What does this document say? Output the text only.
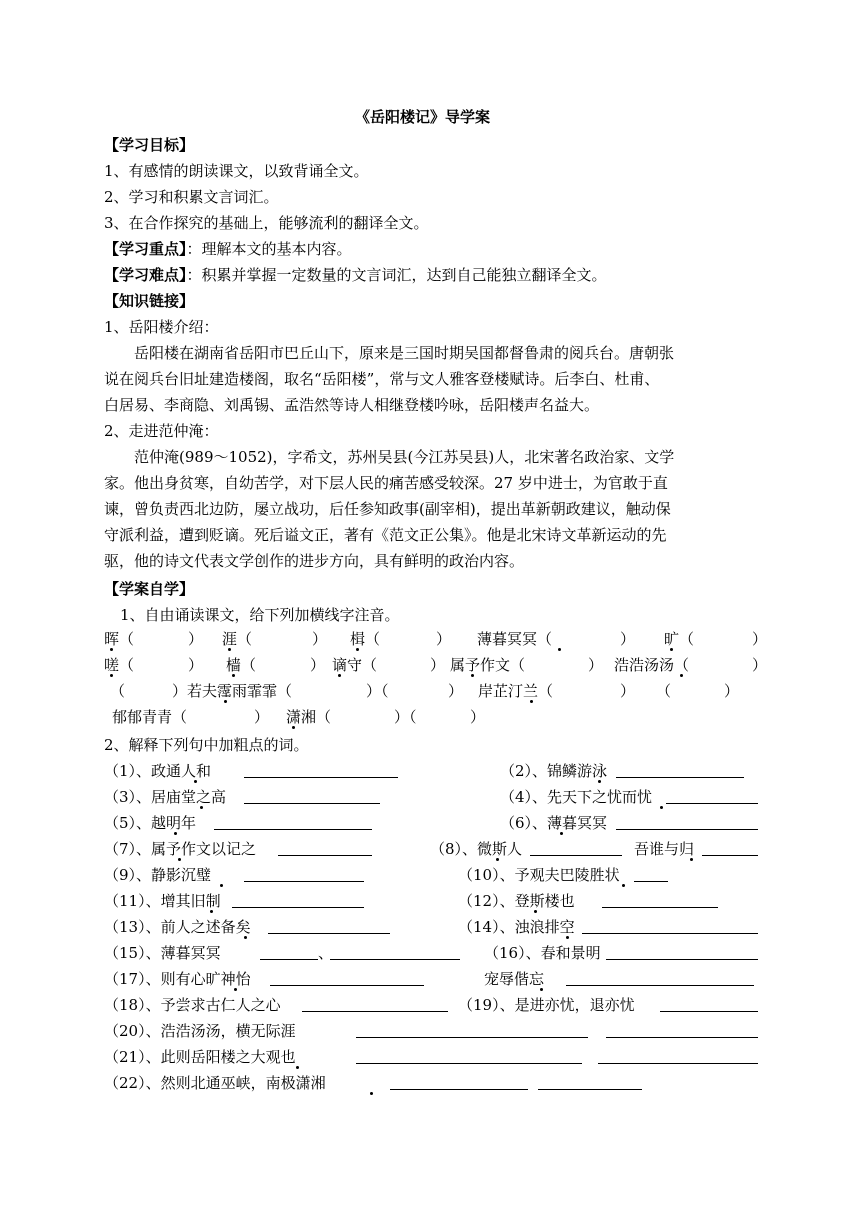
《岳阳楼记》导学案
【学习目标】
1、有感情的朗读课文，以致背诵全文。
2、学习和积累文言词汇。
3、在合作探究的基础上，能够流利的翻译全文。
【学习重点】：理解本文的基本内容。
【学习难点】：积累并掌握一定数量的文言词汇，达到自己能独立翻译全文。
【知识链接】
1、岳阳楼介绍：
岳阳楼在湖南省岳阳市巴丘山下，原来是三国时期吴国都督鲁肃的阅兵台。唐朝张
说在阅兵台旧址建造楼阁，取名“岳阳楼”，常与文人雅客登楼赋诗。后李白、杜甫、
白居易、李商隐、刘禹锡、孟浩然等诗人相继登楼吟咏，岳阳楼声名益大。
2、走进范仲淹：
范仲淹(989～1052)，字希文，苏州吴县(今江苏吴县)人，北宋著名政治家、文学
家。他出身贫寒，自幼苦学，对下层人民的痛苦感受较深。27 岁中进士，为官敢于直
谏，曾负责西北边防，屡立战功，后任参知政事(副宰相)，提出革新朝政建议，触动保
守派利益，遭到贬谪。死后谥文正，著有《范文正公集》。他是北宋诗文革新运动的先
驱，他的诗文代表文学创作的进步方向，具有鲜明的政治内容。
【学案自学】
1、自由诵读课文，给下列加横线字注音。
晖（	） 涯（	） 楫（	） 薄暮冥冥（	） 旷（	）
嗟（	） 樯（	） 谪守（	） 属予作文（	） 浩浩汤汤（	）
（	）若夫霪雨霏霏（	）（	） 岸芷汀兰（	） （	）
郁郁青青（	） 潇湘（	）（	）
2、解释下列句中加粗点的词。
（1）、政通人和	（2）、锦鳞游泳
（3）、居庙堂之高	（4）、先天下之忧而忧
（5）、越明年	（6）、薄暮冥冥
（7）、属予作文以记之	（8）、微斯人	吾谁与归
（9）、静影沉璧	（10）、予观夫巴陵胜状
（11）、增其旧制	（12）、登斯楼也
（13）、前人之述备矣	（14）、浊浪排空
（15）、薄暮冥冥	、	（16）、春和景明
（17）、则有心旷神怡	宠辱偕忘
（18）、予尝求古仁人之心	（19）、是进亦忧，退亦忧
（20）、浩浩汤汤，横无际涯
（21）、此则岳阳楼之大观也
（22）、然则北通巫峡，南极潇湘
